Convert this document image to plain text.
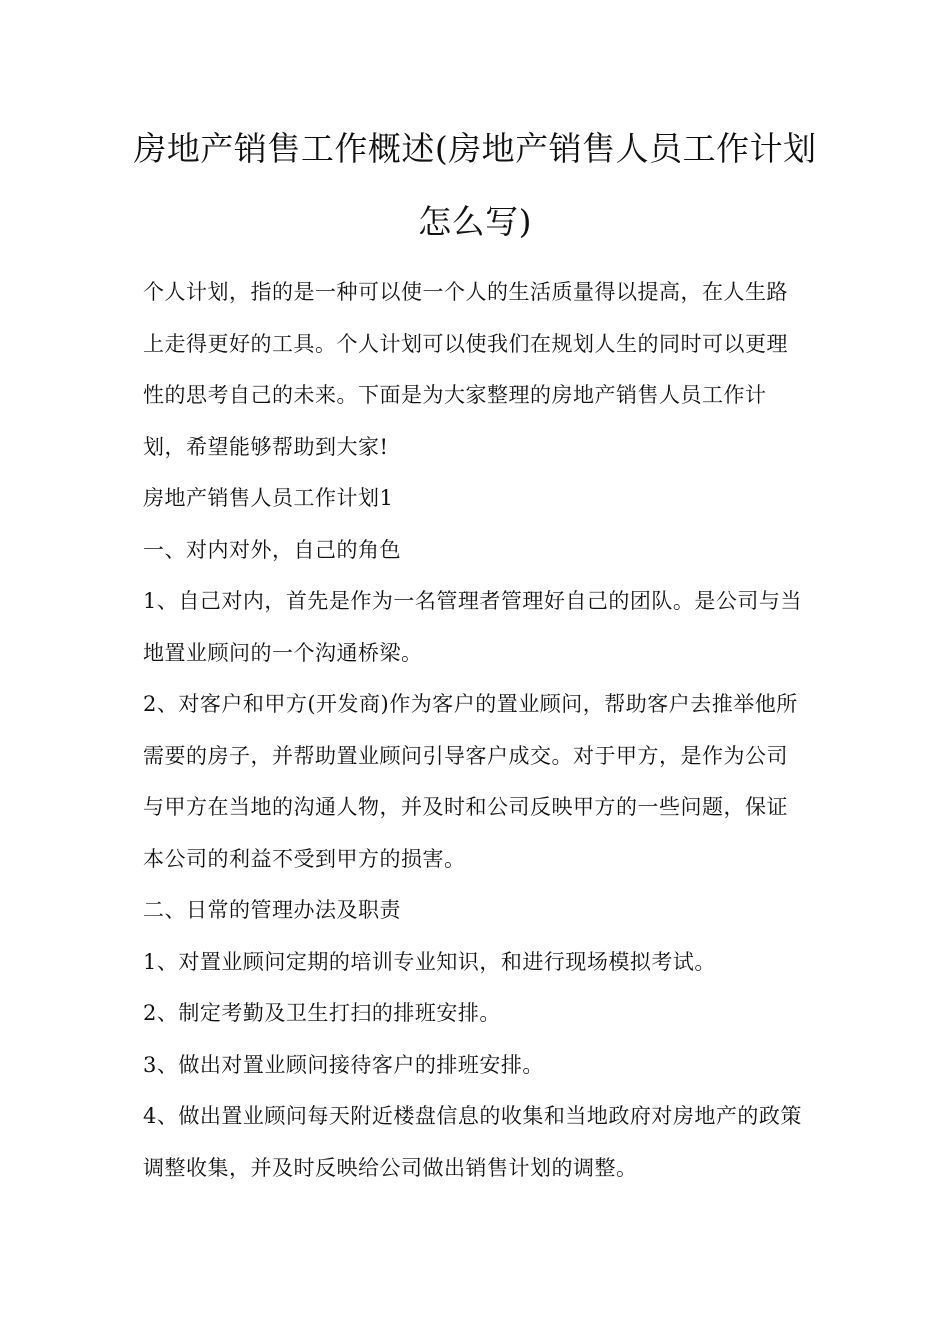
房地产销售工作概述(房地产销售人员工作计划怎么写)

个人计划，指的是一种可以使一个人的生活质量得以提高，在人生路上走得更好的工具。个人计划可以使我们在规划人生的同时可以更理性的思考自己的未来。下面是为大家整理的房地产销售人员工作计划，希望能够帮助到大家!

房地产销售人员工作计划1

一、对内对外，自己的角色

1、自己对内，首先是作为一名管理者管理好自己的团队。是公司与当地置业顾问的一个沟通桥梁。

2、对客户和甲方(开发商)作为客户的置业顾问，帮助客户去推举他所需要的房子，并帮助置业顾问引导客户成交。对于甲方，是作为公司与甲方在当地的沟通人物，并及时和公司反映甲方的一些问题，保证本公司的利益不受到甲方的损害。

二、日常的管理办法及职责

1、对置业顾问定期的培训专业知识，和进行现场模拟考试。

2、制定考勤及卫生打扫的排班安排。

3、做出对置业顾问接待客户的排班安排。

4、做出置业顾问每天附近楼盘信息的收集和当地政府对房地产的政策调整收集，并及时反映给公司做出销售计划的调整。
